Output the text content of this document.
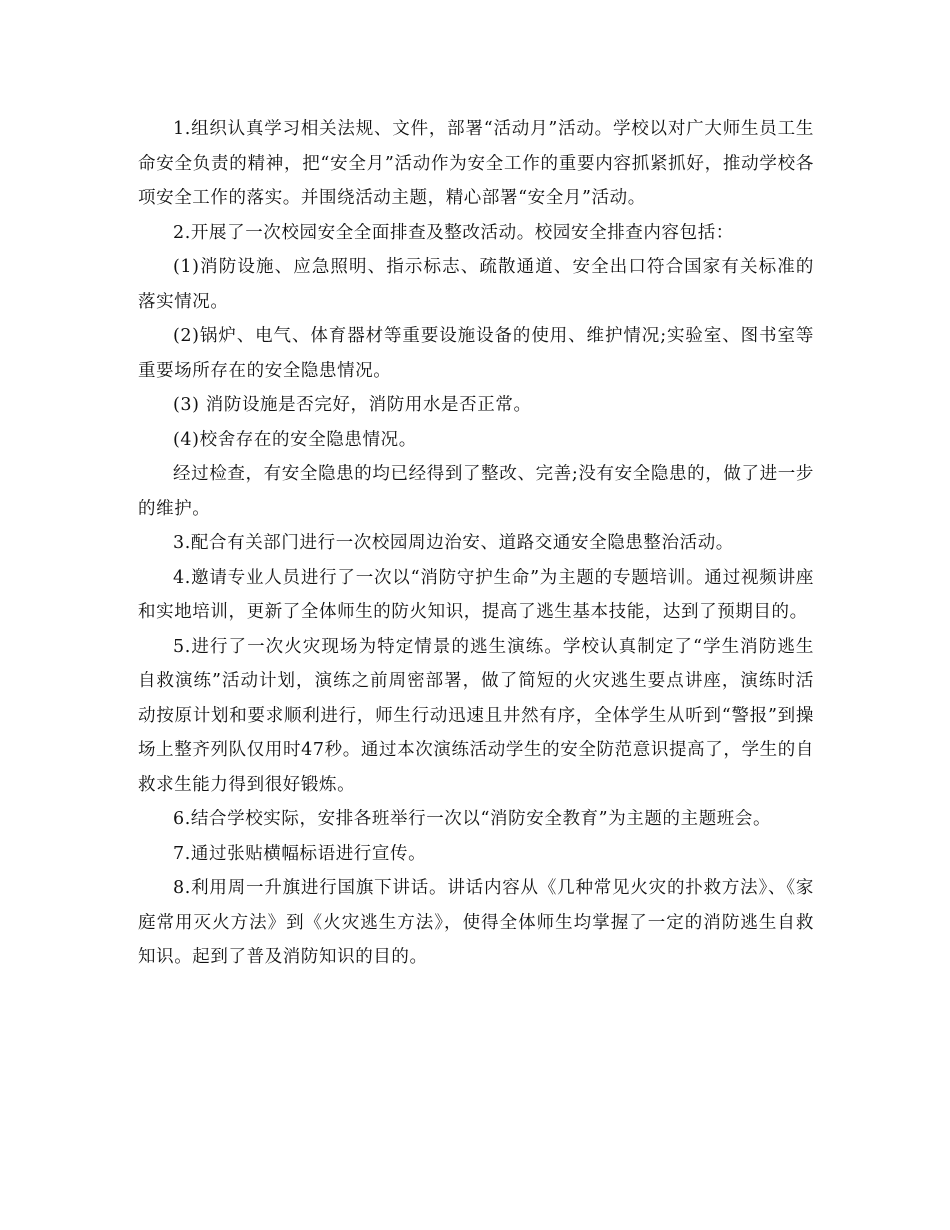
1.组织认真学习相关法规、文件，部署“活动月”活动。学校以对广大师生员工生命安全负责的精神，把“安全月”活动作为安全工作的重要内容抓紧抓好，推动学校各项安全工作的落实。并围绕活动主题，精心部署“安全月”活动。

2.开展了一次校园安全全面排查及整改活动。校园安全排查内容包括：

(1)消防设施、应急照明、指示标志、疏散通道、安全出口符合国家有关标准的落实情况。

(2)锅炉、电气、体育器材等重要设施设备的使用、维护情况;实验室、图书室等重要场所存在的安全隐患情况。

(3) 消防设施是否完好，消防用水是否正常。

(4)校舍存在的安全隐患情况。

经过检查，有安全隐患的均已经得到了整改、完善;没有安全隐患的，做了进一步的维护。

3.配合有关部门进行一次校园周边治安、道路交通安全隐患整治活动。

4.邀请专业人员进行了一次以“消防守护生命”为主题的专题培训。通过视频讲座和实地培训，更新了全体师生的防火知识，提高了逃生基本技能，达到了预期目的。

5.进行了一次火灾现场为特定情景的逃生演练。学校认真制定了“学生消防逃生自救演练”活动计划，演练之前周密部署，做了简短的火灾逃生要点讲座，演练时活动按原计划和要求顺利进行，师生行动迅速且井然有序，全体学生从听到“警报”到操场上整齐列队仅用时47秒。通过本次演练活动学生的安全防范意识提高了，学生的自救求生能力得到很好锻炼。

6.结合学校实际，安排各班举行一次以“消防安全教育”为主题的主题班会。

7.通过张贴横幅标语进行宣传。

8.利用周一升旗进行国旗下讲话。讲话内容从《几种常见火灾的扑救方法》、《家庭常用灭火方法》到《火灾逃生方法》，使得全体师生均掌握了一定的消防逃生自救知识。起到了普及消防知识的目的。
